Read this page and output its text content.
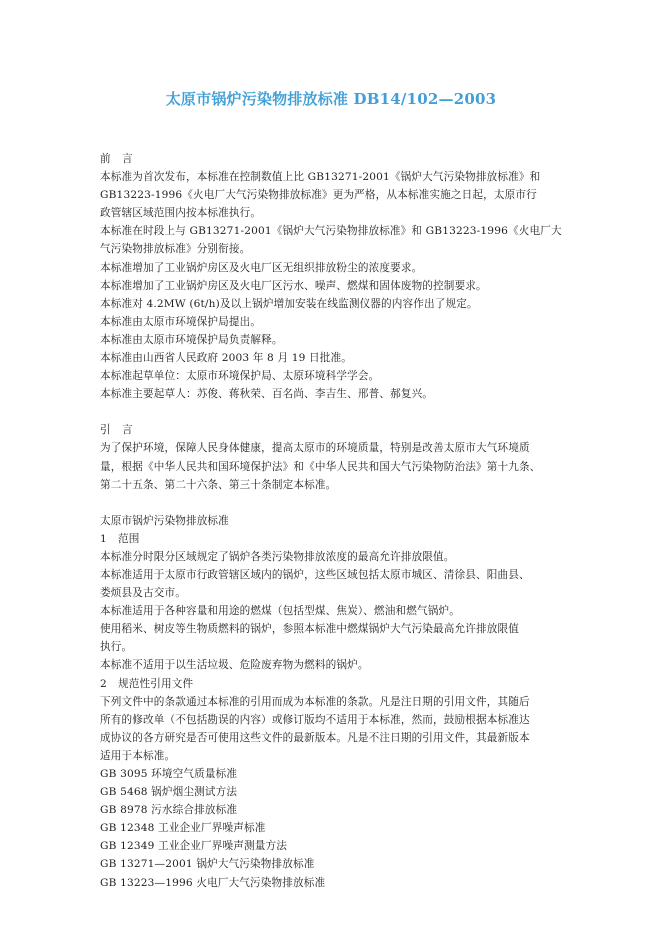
太原市锅炉污染物排放标准 DB14/102—2003
前 言
本标准为首次发布，本标准在控制数值上比 GB13271-2001《锅炉大气污染物排放标准》和
GB13223-1996《火电厂大气污染物排放标准》更为严格，从本标准实施之日起，太原市行
政管辖区域范围内按本标准执行。
本标准在时段上与 GB13271-2001《锅炉大气污染物排放标准》和 GB13223-1996《火电厂大
气污染物排放标准》分别衔接。
本标准增加了工业锅炉房区及火电厂区无组织排放粉尘的浓度要求。
本标准增加了工业锅炉房区及火电厂区污水、噪声、燃煤和固体废物的控制要求。
本标准对 4.2MW (6t/h)及以上锅炉增加安装在线监测仪器的内容作出了规定。
本标准由太原市环境保护局提出。
本标准由太原市环境保护局负责解释。
本标准由山西省人民政府 2003 年 8 月 19 日批准。
本标准起草单位：太原市环境保护局、太原环境科学学会。
本标准主要起草人：苏俊、蒋秋荣、百名尚、李吉生、邢普、郝复兴。
引 言
为了保护环境，保障人民身体健康，提高太原市的环境质量，特别是改善太原市大气环境质
量，根据《中华人民共和国环境保护法》和《中华人民共和国大气污染物防治法》第十九条、
第二十五条、第二十六条、第三十条制定本标准。
太原市锅炉污染物排放标准
1 范围
本标准分时限分区域规定了锅炉各类污染物排放浓度的最高允许排放限值。
本标准适用于太原市行政管辖区域内的锅炉，这些区域包括太原市城区、清徐县、阳曲县、
娄烦县及古交市。
本标准适用于各种容量和用途的燃煤（包括型煤、焦炭）、燃油和燃气锅炉。
使用稻米、树皮等生物质燃料的锅炉，参照本标准中燃煤锅炉大气污染最高允许排放限值
执行。
本标准不适用于以生活垃圾、危险废弃物为燃料的锅炉。
2 规范性引用文件
下列文件中的条款通过本标准的引用而成为本标准的条款。凡是注日期的引用文件，其随后
所有的修改单（不包括勘误的内容）或修订版均不适用于本标准，然而，鼓励根据本标准达
成协议的各方研究是否可使用这些文件的最新版本。凡是不注日期的引用文件，其最新版本
适用于本标准。
GB 3095 环境空气质量标准
GB 5468 锅炉烟尘测试方法
GB 8978 污水综合排放标准
GB 12348 工业企业厂界噪声标准
GB 12349 工业企业厂界噪声测量方法
GB 13271—2001 锅炉大气污染物排放标准
GB 13223—1996 火电厂大气污染物排放标准
